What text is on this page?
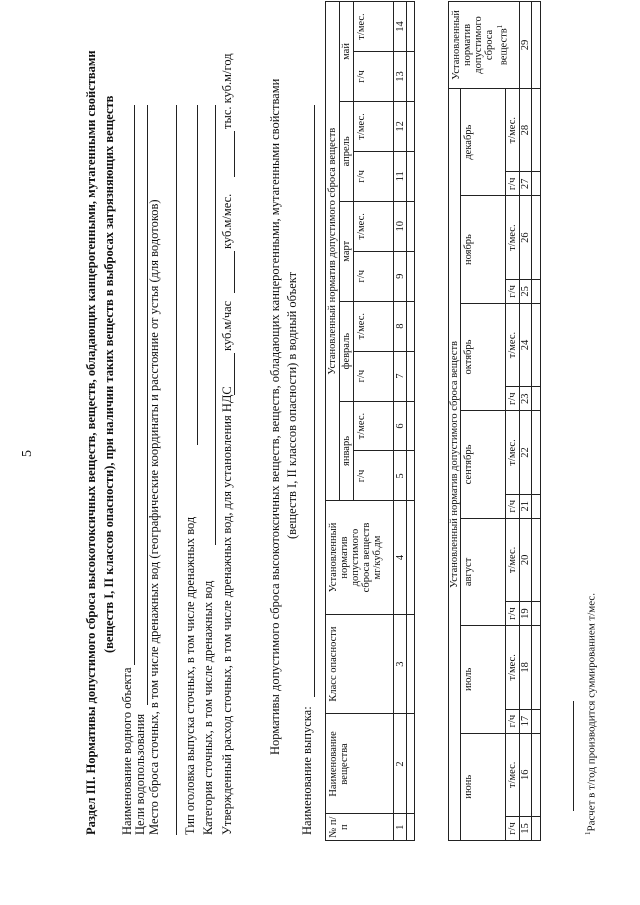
5	Раздел III. Нормативы допустимого сброса высокотоксичных веществ, веществ, обладающих канцерогенными, мутагенными свойствами (веществ I, II классов опасности), при наличии таких веществ в выбросах загрязняющих веществ
Наименование водного объекта Цели водопользования Место сброса сточных, в том числе дренажных вод (географические координаты и расстояние от устья (для водотоков) Тип оголовка выпуска сточных, в том числе дренажных вод Категория сточных, в том числе дренажных вод Утвержденный расход сточных, в том числе дренажных вод, для установления НДС
куб.м/час
куб.м/мес.
тыс. куб.м/год	Нормативы допустимого сброса высокотоксичных веществ, веществ, обладающих канцерогенными, мутагенными свойствами (веществ I, II классов опасности) в водный объект
Наименование выпуска: № п/п	Наименование вещества	Класс опасности	Установленный норматив допустимого сброса веществ мг/куб.дм	Установленный норматив допустимого сброса веществ									
				январь		февраль		март		апрель		май	
				г/ч	т/мес.	г/ч	т/мес.	г/ч	т/мес.	г/ч	т/мес.	г/ч	т/мес.
1	2	3	4	5	6	7	8	9	10	11	12	13	14

Установленный норматив допустимого сброса веществ														Установленный норматив допустимого сброса веществ$^1$

июнь		июль		август		сентябрь		октябрь		ноябрь		декабрь		
г/ч	т/мес.	г/ч	т/мес.	г/ч	т/мес.	г/ч	т/мес.	г/ч	т/мес.	г/ч	т/мес.	г/ч	т/мес.	
15	16	17	18	19	20	21	22	23	24	25	26	27	28	29

$^1$Расчет в т/год производится суммированием т/мес.
